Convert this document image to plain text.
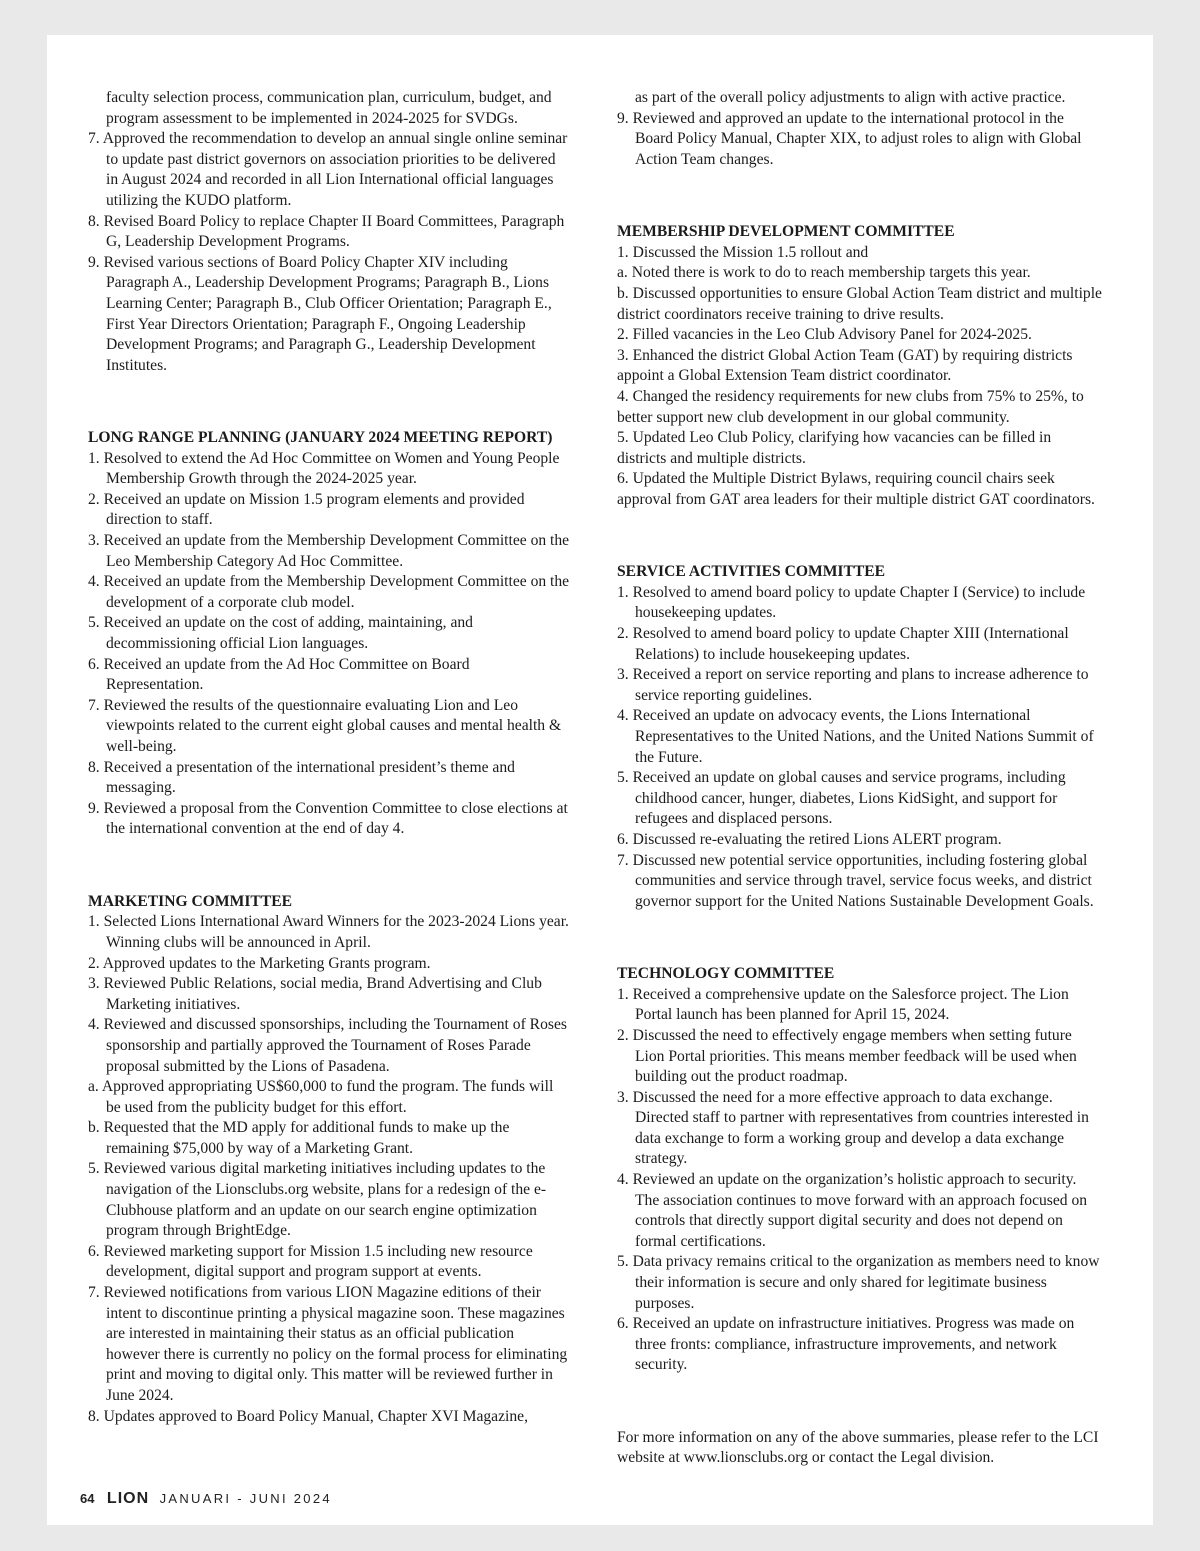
faculty selection process, communication plan, curriculum, budget, and program assessment to be implemented in 2024-2025 for SVDGs.

7. Approved the recommendation to develop an annual single online seminar to update past district governors on association priorities to be delivered in August 2024 and recorded in all Lion International official languages utilizing the KUDO platform.

8. Revised Board Policy to replace Chapter II Board Committees, Paragraph G, Leadership Development Programs.

9. Revised various sections of Board Policy Chapter XIV including Paragraph A., Leadership Development Programs; Paragraph B., Lions Learning Center; Paragraph B., Club Officer Orientation; Paragraph E., First Year Directors Orientation; Paragraph F., Ongoing Leadership Development Programs; and Paragraph G., Leadership Development Institutes.

LONG RANGE PLANNING (JANUARY 2024 MEETING REPORT)

1. Resolved to extend the Ad Hoc Committee on Women and Young People Membership Growth through the 2024-2025 year.

2. Received an update on Mission 1.5 program elements and provided direction to staff.

3. Received an update from the Membership Development Committee on the Leo Membership Category Ad Hoc Committee.

4. Received an update from the Membership Development Committee on the development of a corporate club model.

5. Received an update on the cost of adding, maintaining, and decommissioning official Lion languages.

6. Received an update from the Ad Hoc Committee on Board Representation.

7. Reviewed the results of the questionnaire evaluating Lion and Leo viewpoints related to the current eight global causes and mental health & well-being.

8. Received a presentation of the international president’s theme and messaging.

9. Reviewed a proposal from the Convention Committee to close elections at the international convention at the end of day 4.

MARKETING COMMITTEE

1. Selected Lions International Award Winners for the 2023-2024 Lions year. Winning clubs will be announced in April.

2. Approved updates to the Marketing Grants program.

3. Reviewed Public Relations, social media, Brand Advertising and Club Marketing initiatives.

4. Reviewed and discussed sponsorships, including the Tournament of Roses sponsorship and partially approved the Tournament of Roses Parade proposal submitted by the Lions of Pasadena.

a. Approved appropriating US$60,000 to fund the program. The funds will be used from the publicity budget for this effort.

b. Requested that the MD apply for additional funds to make up the remaining $75,000 by way of a Marketing Grant.

5. Reviewed various digital marketing initiatives including updates to the navigation of the Lionsclubs.org website, plans for a redesign of the e-Clubhouse platform and an update on our search engine optimization program through BrightEdge.

6. Reviewed marketing support for Mission 1.5 including new resource development, digital support and program support at events.

7. Reviewed notifications from various LION Magazine editions of their intent to discontinue printing a physical magazine soon. These magazines are interested in maintaining their status as an official publication however there is currently no policy on the formal process for eliminating print and moving to digital only. This matter will be reviewed further in June 2024.

8. Updates approved to Board Policy Manual, Chapter XVI Magazine,

as part of the overall policy adjustments to align with active practice.

9. Reviewed and approved an update to the international protocol in the Board Policy Manual, Chapter XIX, to adjust roles to align with Global Action Team changes.

MEMBERSHIP DEVELOPMENT COMMITTEE

1. Discussed the Mission 1.5 rollout and

a. Noted there is work to do to reach membership targets this year.

b. Discussed opportunities to ensure Global Action Team district and multiple district coordinators receive training to drive results.

2. Filled vacancies in the Leo Club Advisory Panel for 2024-2025.

3. Enhanced the district Global Action Team (GAT) by requiring districts appoint a Global Extension Team district coordinator.

4. Changed the residency requirements for new clubs from 75% to 25%, to better support new club development in our global community.

5. Updated Leo Club Policy, clarifying how vacancies can be filled in districts and multiple districts.

6. Updated the Multiple District Bylaws, requiring council chairs seek approval from GAT area leaders for their multiple district GAT coordinators.

SERVICE ACTIVITIES COMMITTEE

1. Resolved to amend board policy to update Chapter I (Service) to include housekeeping updates.

2. Resolved to amend board policy to update Chapter XIII (International Relations) to include housekeeping updates.

3. Received a report on service reporting and plans to increase adherence to service reporting guidelines.

4. Received an update on advocacy events, the Lions International Representatives to the United Nations, and the United Nations Summit of the Future.

5. Received an update on global causes and service programs, including childhood cancer, hunger, diabetes, Lions KidSight, and support for refugees and displaced persons.

6. Discussed re-evaluating the retired Lions ALERT program.

7. Discussed new potential service opportunities, including fostering global communities and service through travel, service focus weeks, and district governor support for the United Nations Sustainable Development Goals.

TECHNOLOGY COMMITTEE

1. Received a comprehensive update on the Salesforce project. The Lion Portal launch has been planned for April 15, 2024.

2. Discussed the need to effectively engage members when setting future Lion Portal priorities. This means member feedback will be used when building out the product roadmap.

3. Discussed the need for a more effective approach to data exchange. Directed staff to partner with representatives from countries interested in data exchange to form a working group and develop a data exchange strategy.

4. Reviewed an update on the organization’s holistic approach to security. The association continues to move forward with an approach focused on controls that directly support digital security and does not depend on formal certifications.

5. Data privacy remains critical to the organization as members need to know their information is secure and only shared for legitimate business purposes.

6. Received an update on infrastructure initiatives. Progress was made on three fronts: compliance, infrastructure improvements, and network security.

For more information on any of the above summaries, please refer to the LCI website at www.lionsclubs.org or contact the Legal division.

64 LION JANUARI - JUNI 2024
